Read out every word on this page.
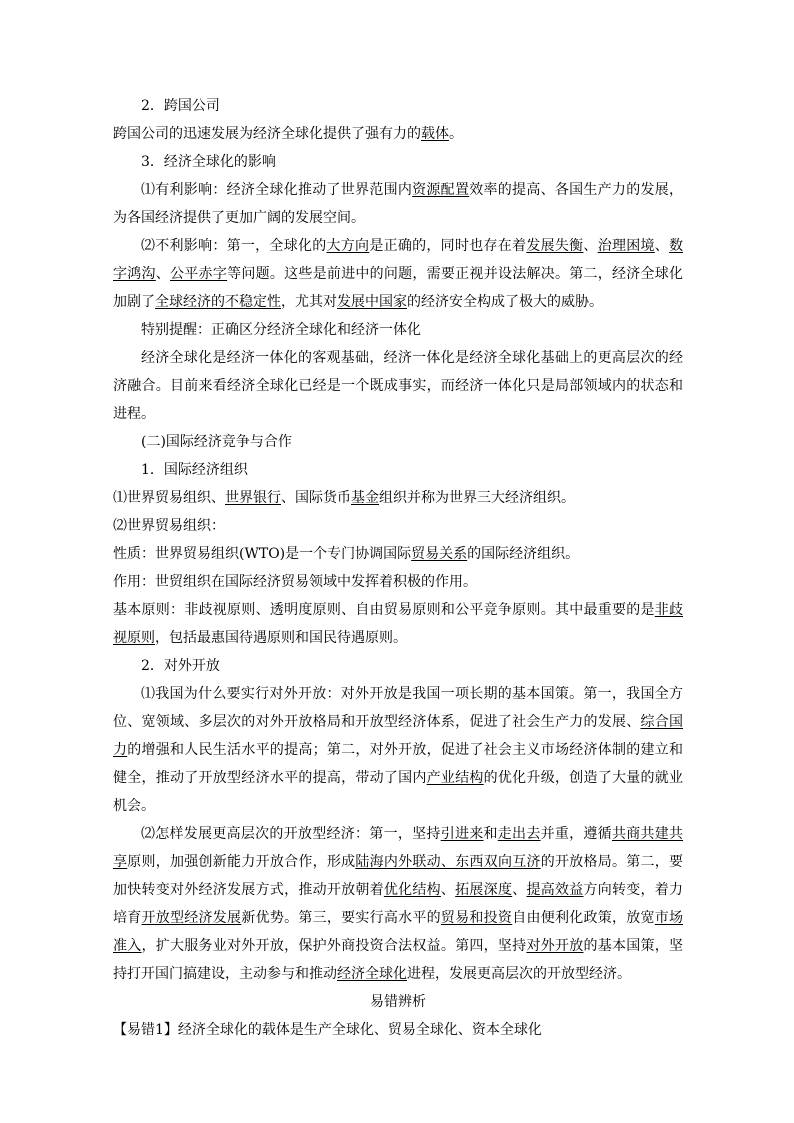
2．跨国公司

跨国公司的迅速发展为经济全球化提供了强有力的载体。

3．经济全球化的影响

⑴有利影响：经济全球化推动了世界范围内资源配置效率的提高、各国生产力的发展，为各国经济提供了更加广阔的发展空间。

⑵不利影响：第一，全球化的大方向是正确的，同时也存在着发展失衡、治理困境、数字鸿沟、公平赤字等问题。这些是前进中的问题，需要正视并设法解决。第二，经济全球化加剧了全球经济的不稳定性，尤其对发展中国家的经济安全构成了极大的威胁。

特别提醒：正确区分经济全球化和经济一体化

经济全球化是经济一体化的客观基础，经济一体化是经济全球化基础上的更高层次的经济融合。目前来看经济全球化已经是一个既成事实，而经济一体化只是局部领域内的状态和进程。

(二)国际经济竞争与合作

1．国际经济组织

⑴世界贸易组织、世界银行、国际货币基金组织并称为世界三大经济组织。

⑵世界贸易组织：

性质：世界贸易组织(WTO)是一个专门协调国际贸易关系的国际经济组织。

作用：世贸组织在国际经济贸易领域中发挥着积极的作用。

基本原则：非歧视原则、透明度原则、自由贸易原则和公平竞争原则。其中最重要的是非歧视原则，包括最惠国待遇原则和国民待遇原则。

2．对外开放

⑴我国为什么要实行对外开放：对外开放是我国一项长期的基本国策。第一，我国全方位、宽领域、多层次的对外开放格局和开放型经济体系，促进了社会生产力的发展、综合国力的增强和人民生活水平的提高；第二，对外开放，促进了社会主义市场经济体制的建立和健全，推动了开放型经济水平的提高，带动了国内产业结构的优化升级，创造了大量的就业机会。

⑵怎样发展更高层次的开放型经济：第一，坚持引进来和走出去并重，遵循共商共建共享原则，加强创新能力开放合作，形成陆海内外联动、东西双向互济的开放格局。第二，要加快转变对外经济发展方式，推动开放朝着优化结构、拓展深度、提高效益方向转变，着力培育开放型经济发展新优势。第三，要实行高水平的贸易和投资自由便利化政策，放宽市场准入，扩大服务业对外开放，保护外商投资合法权益。第四，坚持对外开放的基本国策，坚持打开国门搞建设，主动参与和推动经济全球化进程，发展更高层次的开放型经济。

易错辨析

【易错1】经济全球化的载体是生产全球化、贸易全球化、资本全球化
